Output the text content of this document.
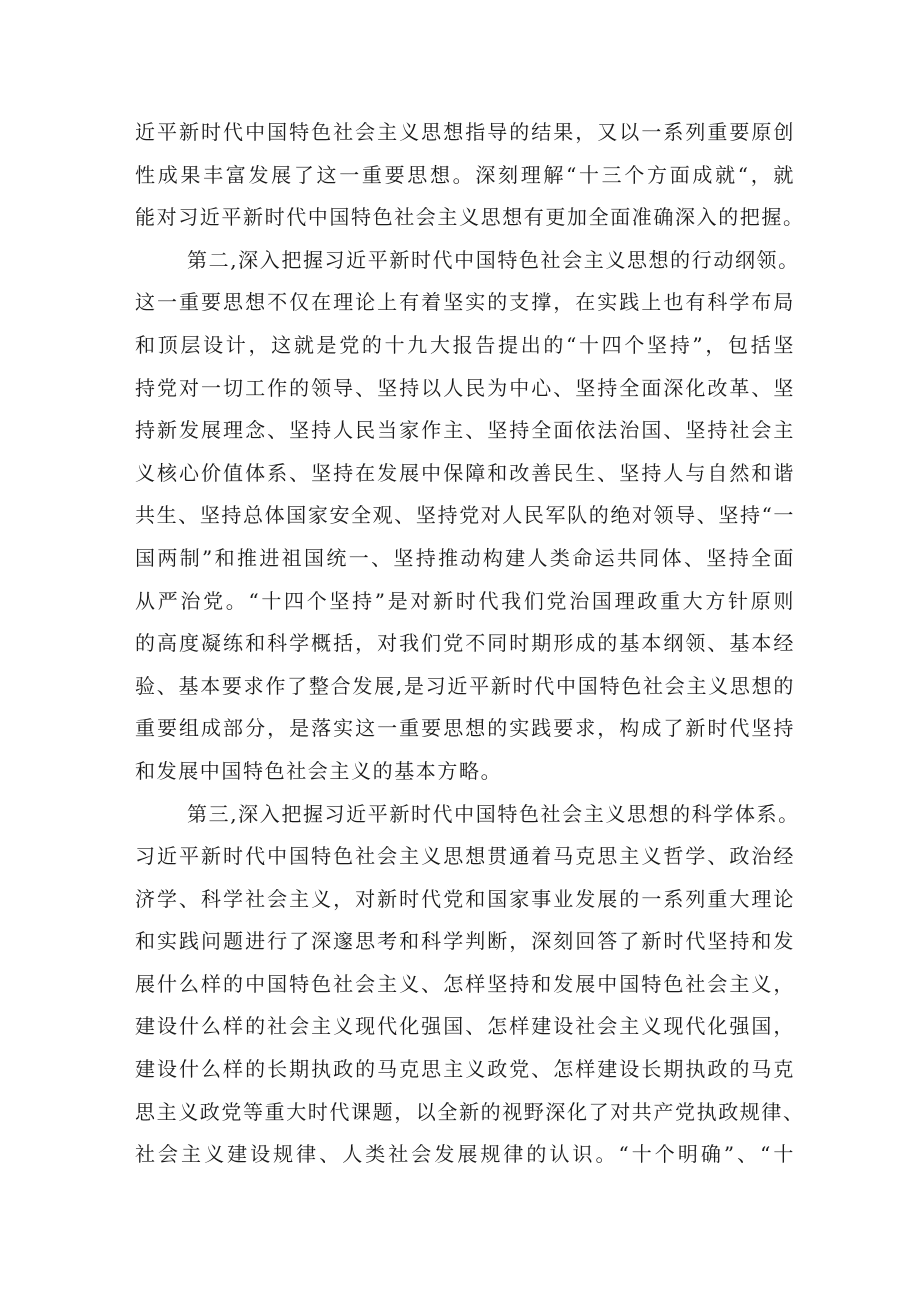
近平新时代中国特色社会主义思想指导的结果，又以一系列重要原创
性成果丰富发展了这一重要思想。深刻理解“十三个方面成就“，就
能对习近平新时代中国特色社会主义思想有更加全面准确深入的把握。
第二,深入把握习近平新时代中国特色社会主义思想的行动纲领。
这一重要思想不仅在理论上有着坚实的支撑，在实践上也有科学布局
和顶层设计，这就是党的十九大报告提出的“十四个坚持”，包括坚
持党对一切工作的领导、坚持以人民为中心、坚持全面深化改革、坚
持新发展理念、坚持人民当家作主、坚持全面依法治国、坚持社会主
义核心价值体系、坚持在发展中保障和改善民生、坚持人与自然和谐
共生、坚持总体国家安全观、坚持党对人民军队的绝对领导、坚持“一
国两制”和推进祖国统一、坚持推动构建人类命运共同体、坚持全面
从严治党。“十四个坚持”是对新时代我们党治国理政重大方针原则
的高度凝练和科学概括，对我们党不同时期形成的基本纲领、基本经
验、基本要求作了整合发展,是习近平新时代中国特色社会主义思想的
重要组成部分，是落实这一重要思想的实践要求，构成了新时代坚持
和发展中国特色社会主义的基本方略。
第三,深入把握习近平新时代中国特色社会主义思想的科学体系。
习近平新时代中国特色社会主义思想贯通着马克思主义哲学、政治经
济学、科学社会主义，对新时代党和国家事业发展的一系列重大理论
和实践问题进行了深邃思考和科学判断，深刻回答了新时代坚持和发
展什么样的中国特色社会主义、怎样坚持和发展中国特色社会主义，
建设什么样的社会主义现代化强国、怎样建设社会主义现代化强国，
建设什么样的长期执政的马克思主义政党、怎样建设长期执政的马克
思主义政党等重大时代课题，以全新的视野深化了对共产党执政规律、
社会主义建设规律、人类社会发展规律的认识。“十个明确”、“十
